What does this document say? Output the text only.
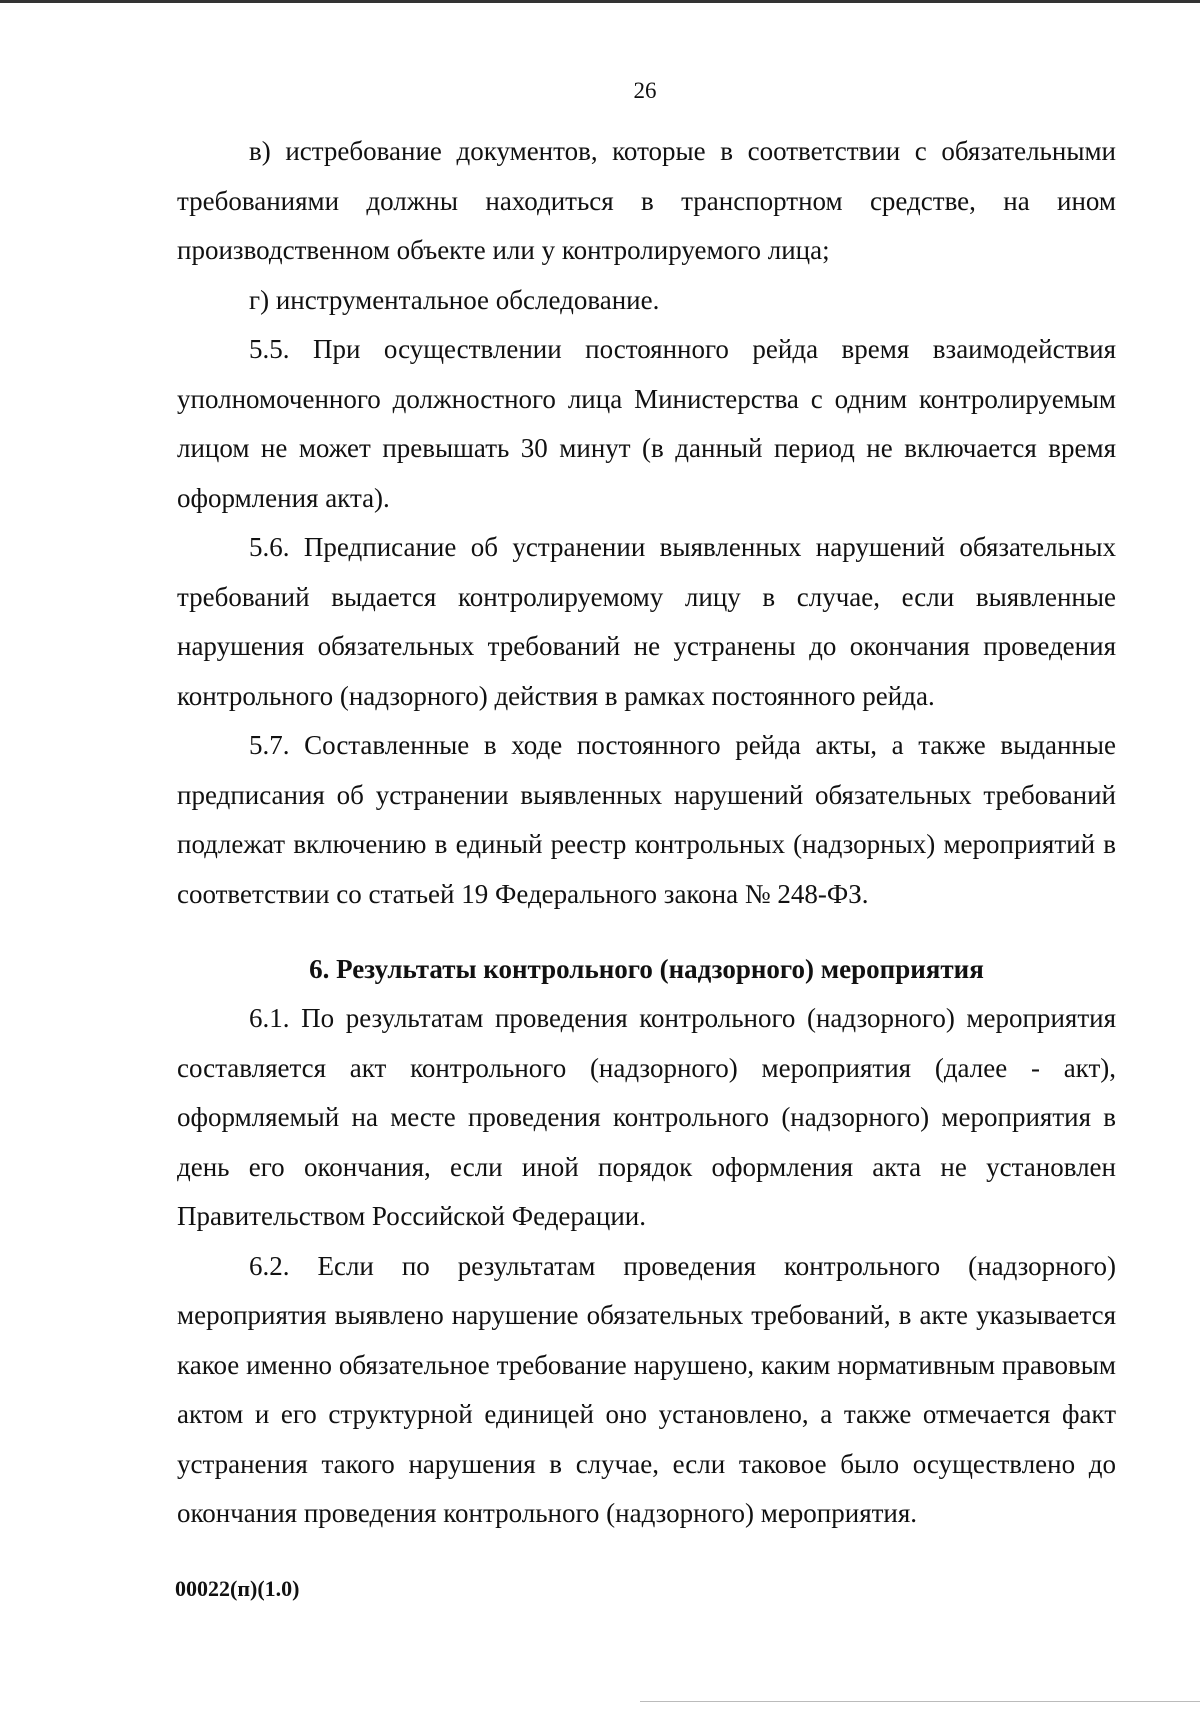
26

в) истребование документов, которые в соответствии с обязательными требованиями должны находиться в транспортном средстве, на ином производственном объекте или у контролируемого лица;

г) инструментальное обследование.

5.5. При осуществлении постоянного рейда время взаимодействия уполномоченного должностного лица Министерства с одним контролируемым лицом не может превышать 30 минут (в данный период не включается время оформления акта).

5.6. Предписание об устранении выявленных нарушений обязательных требований выдается контролируемому лицу в случае, если выявленные нарушения обязательных требований не устранены до окончания проведения контрольного (надзорного) действия в рамках постоянного рейда.

5.7. Составленные в ходе постоянного рейда акты, а также выданные предписания об устранении выявленных нарушений обязательных требований подлежат включению в единый реестр контрольных (надзорных) мероприятий в соответствии со статьей 19 Федерального закона № 248-ФЗ.

6. Результаты контрольного (надзорного) мероприятия

6.1. По результатам проведения контрольного (надзорного) мероприятия составляется акт контрольного (надзорного) мероприятия (далее - акт), оформляемый на месте проведения контрольного (надзорного) мероприятия в день его окончания, если иной порядок оформления акта не установлен Правительством Российской Федерации.

6.2. Если по результатам проведения контрольного (надзорного) мероприятия выявлено нарушение обязательных требований, в акте указывается какое именно обязательное требование нарушено, каким нормативным правовым актом и его структурной единицей оно установлено, а также отмечается факт устранения такого нарушения в случае, если таковое было осуществлено до окончания проведения контрольного (надзорного) мероприятия.

00022(п)(1.0)
